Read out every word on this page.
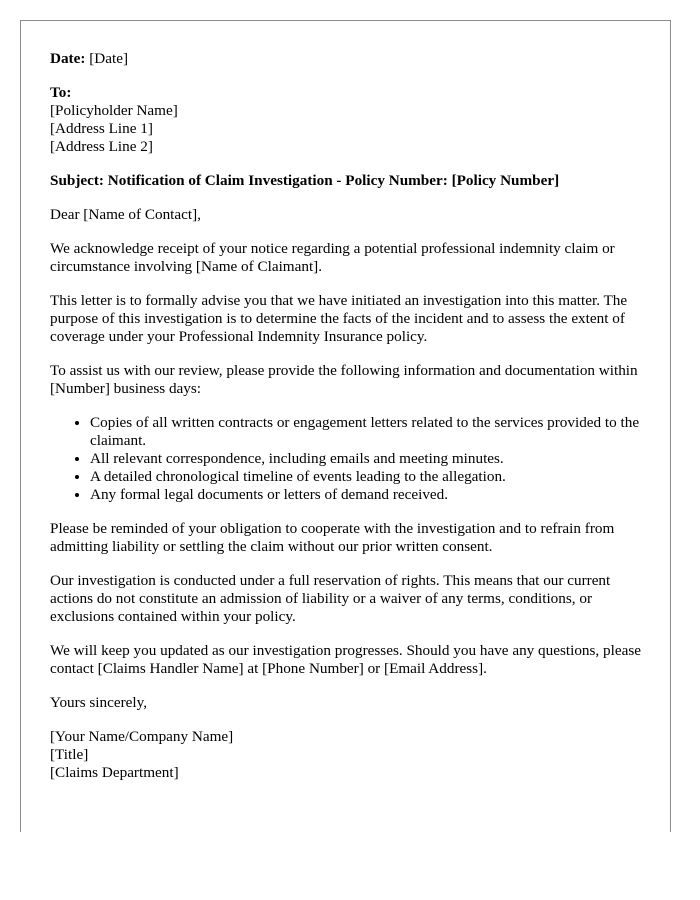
Date: [Date]
To:
[Policyholder Name]
[Address Line 1]
[Address Line 2]
Subject: Notification of Claim Investigation - Policy Number: [Policy Number]

Dear [Name of Contact],

We acknowledge receipt of your notice regarding a potential professional indemnity claim or circumstance involving [Name of Claimant].

This letter is to formally advise you that we have initiated an investigation into this matter. The purpose of this investigation is to determine the facts of the incident and to assess the extent of coverage under your Professional Indemnity Insurance policy.

To assist us with our review, please provide the following information and documentation within [Number] business days:

• Copies of all written contracts or engagement letters related to the services provided to the claimant.
• All relevant correspondence, including emails and meeting minutes.
• A detailed chronological timeline of events leading to the allegation.
• Any formal legal documents or letters of demand received.

Please be reminded of your obligation to cooperate with the investigation and to refrain from admitting liability or settling the claim without our prior written consent.

Our investigation is conducted under a full reservation of rights. This means that our current actions do not constitute an admission of liability or a waiver of any terms, conditions, or exclusions contained within your policy.

We will keep you updated as our investigation progresses. Should you have any questions, please contact [Claims Handler Name] at [Phone Number] or [Email Address].

Yours sincerely,

[Your Name/Company Name]
[Title]
[Claims Department]
